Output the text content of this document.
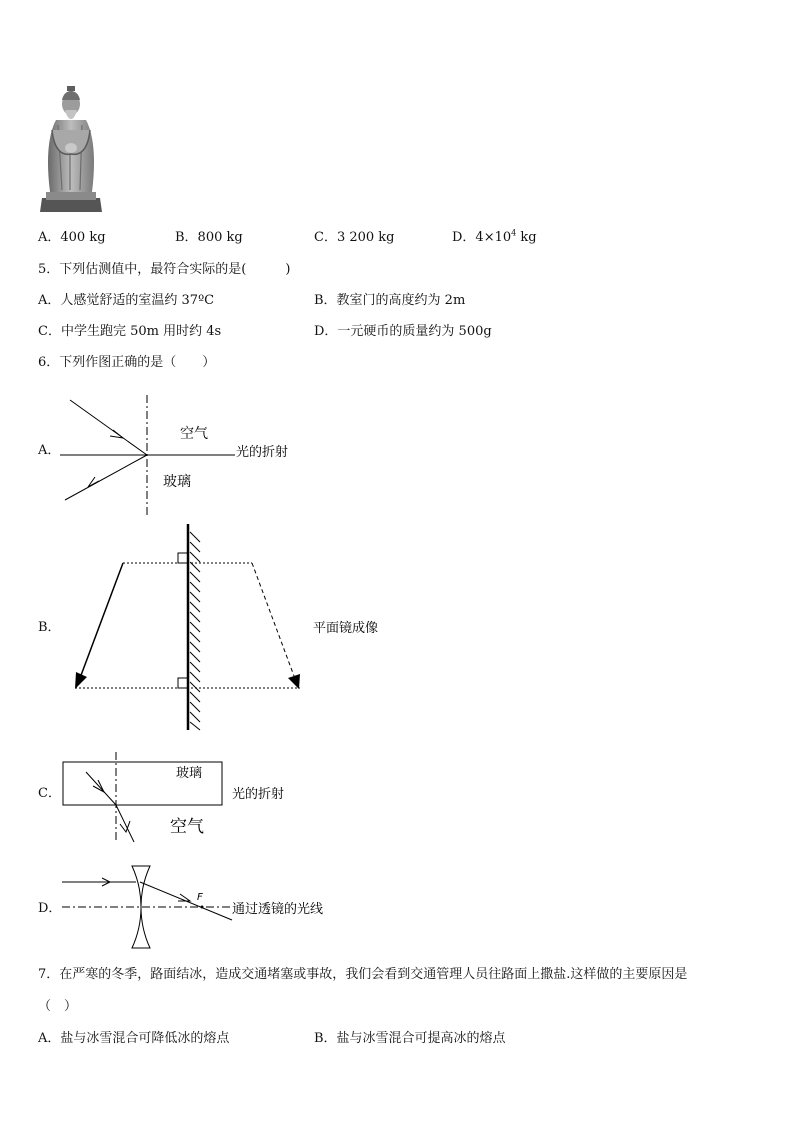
A．400 kg	B．800 kg	C．3 200 kg	D．$4\times 10^4$ kg
5．下列估测值中，最符合实际的是(　　　)
A．人感觉舒适的室温约 37ºC	B．教室门的高度约为 2m
C．中学生跑完 50m 用时约 4s	D．一元硬币的质量约为 500g
6．下列作图正确的是（　　）
A．
空气
玻璃
光的折射
B．	平面镜成像
C．
玻璃
光的折射
空气
D．
F
通过透镜的光线
7．在严寒的冬季，路面结冰，造成交通堵塞或事故，我们会看到交通管理人员往路面上撒盐.这样做的主要原因是
（　）
A．盐与冰雪混合可降低冰的熔点	B．盐与冰雪混合可提高冰的熔点
